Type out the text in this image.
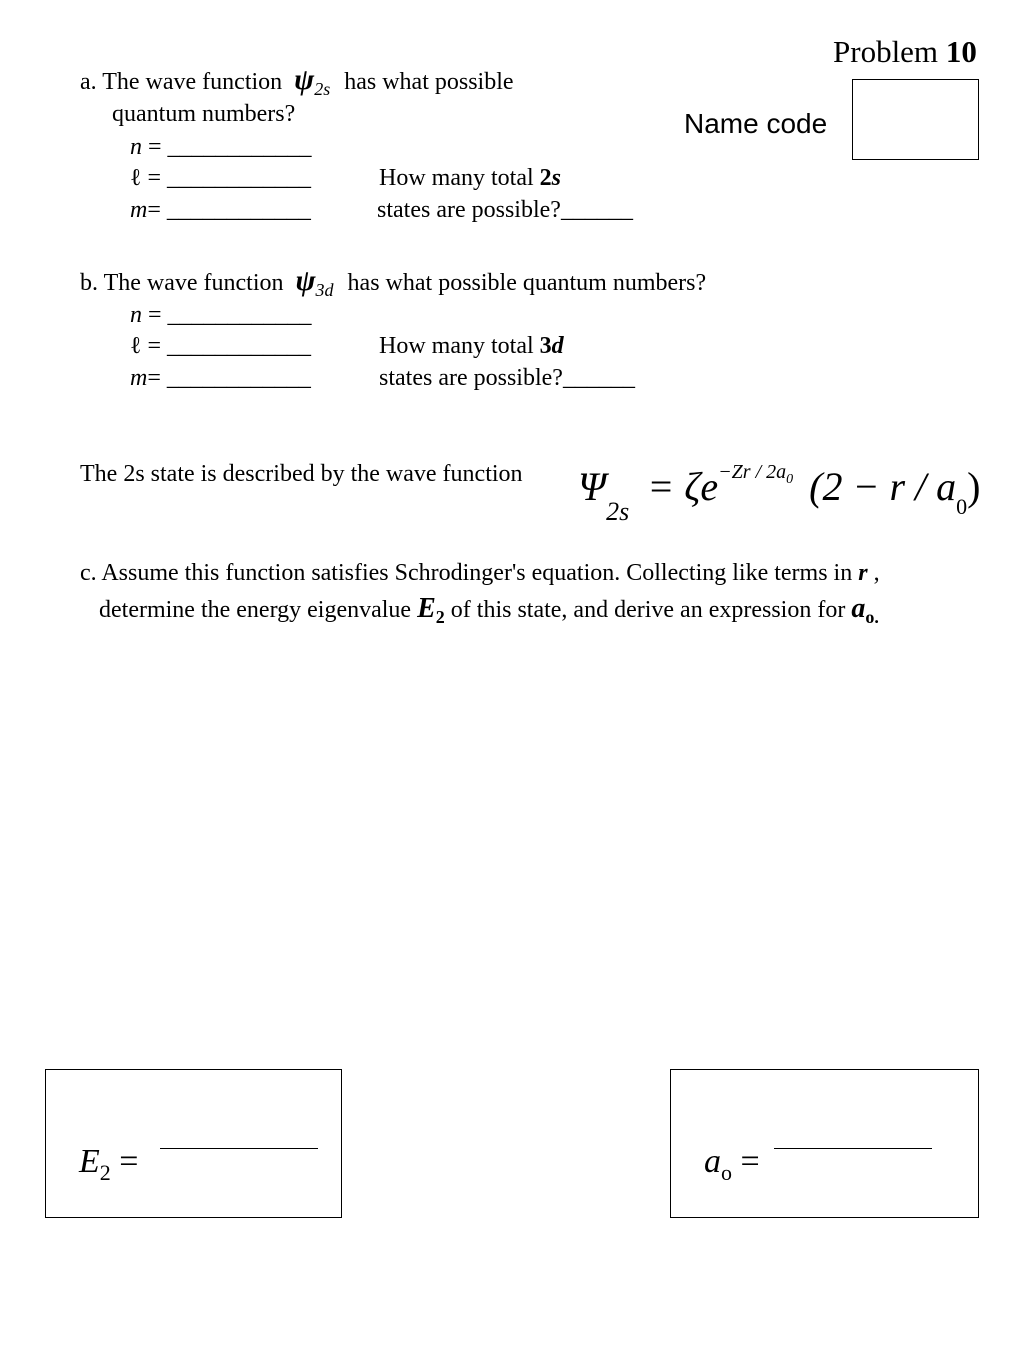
Problem 10
Name code
a. The wave function $\psi_{2s}$ has what possible
quantum numbers?
n = ____________
ℓ = ____________
m= ____________
How many total 2s
states are possible?______
b. The wave function $\psi_{3d}$ has what possible quantum numbers?
n = ____________
ℓ = ____________
m= ____________
How many total 3d
states are possible?______
The 2s state is described by the wave function $\Psi_{2s} = \zeta e^{-Zr / 2a_0}$ $(2 - r / a_0)$
c. Assume this function satisfies Schrodinger's equation. Collecting like terms in r ,
determine the energy eigenvalue $E_2$ of this state, and derive an expression for $a_{o.}$
$E_2$ =	$a_o$ =
